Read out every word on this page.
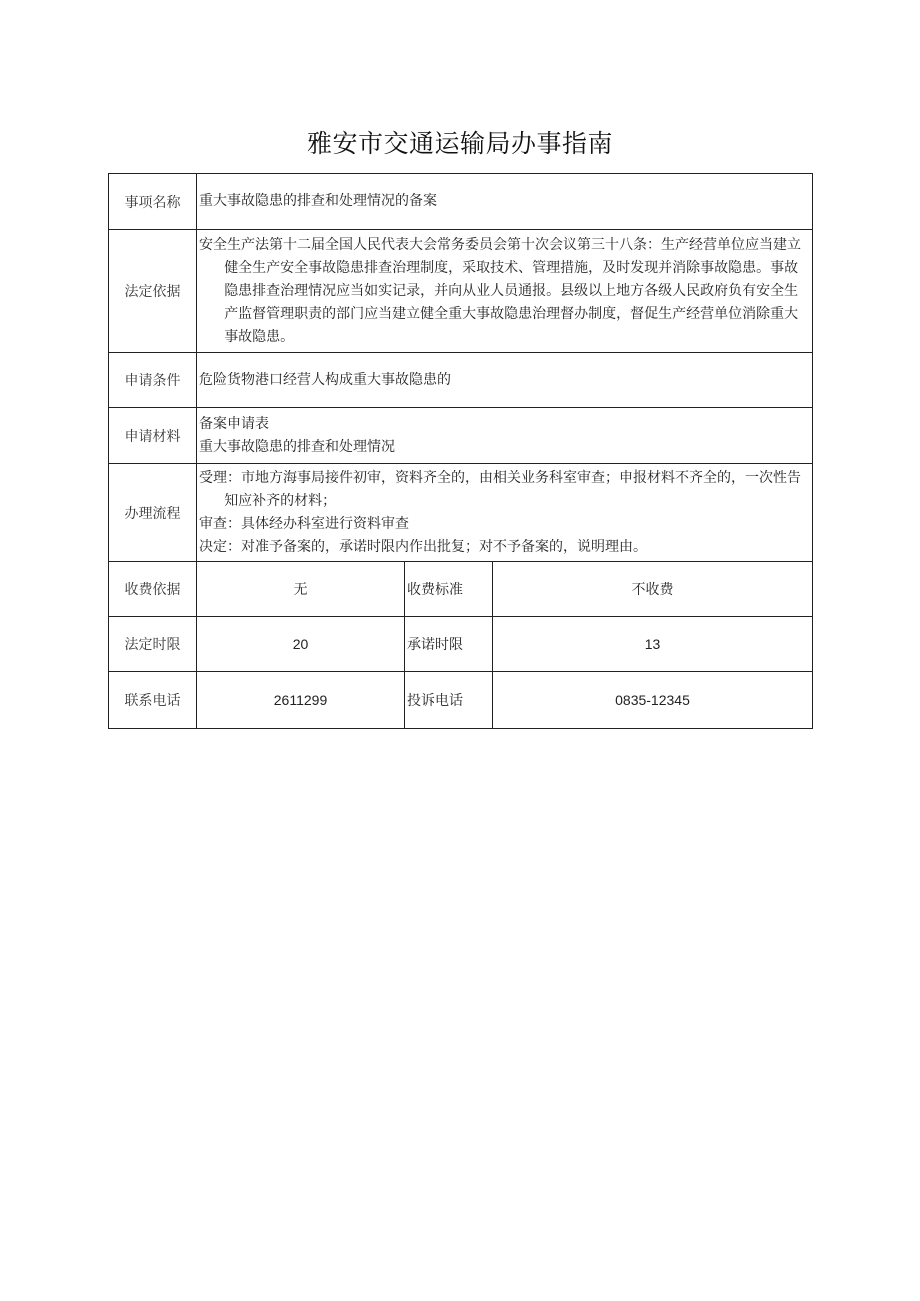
雅安市交通运输局办事指南
事项名称	重大事故隐患的排查和处理情况的备案		
法定依据	安全生产法第十二届全国人民代表大会常务委员会第十次会议第三十八条：生产经营单位应当建立健全生产安全事故隐患排查治理制度，采取技术、管理措施，及时发现并消除事故隐患。事故隐患排查治理情况应当如实记录，并向从业人员通报。县级以上地方各级人民政府负有安全生产监督管理职责的部门应当建立健全重大事故隐患治理督办制度，督促生产经营单位消除重大事故隐患。		

申请条件	危险货物港口经营人构成重大事故隐患的		
申请材料	备案申请表
重大事故隐患的排查和处理情况		

办理流程	受理：市地方海事局接件初审，资料齐全的，由相关业务科室审查；申报材料不齐全的，一次性告知应补齐的材料；
审查：具体经办科室进行资料审查
决定：对准予备案的，承诺时限内作出批复；对不予备案的，说明理由。		

收费依据	无	收费标准	不收费
法定时限	20	承诺时限	13
联系电话	2611299	投诉电话	0835-12345
